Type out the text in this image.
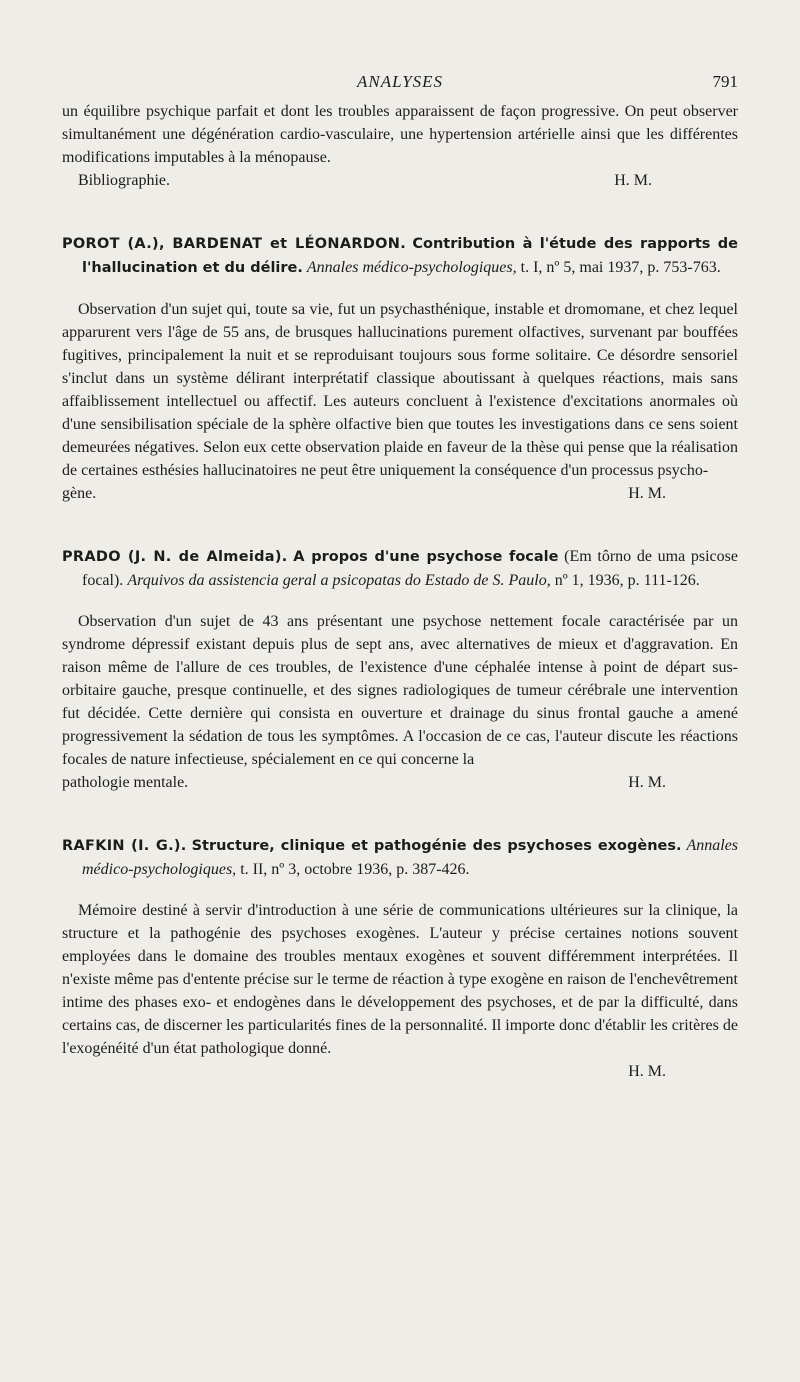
ANALYSES	791

un équilibre psychique parfait et dont les troubles apparaissent de façon progressive. On peut observer simultanément une dégénération cardio-vasculaire, une hypertension artérielle ainsi que les différentes modifications imputables à la ménopause.

Bibliographie.	H. M.
POROT (A.), BARDENAT et LÉONARDON. Contribution à l'étude des rapports de l'hallucination et du délire. Annales médico-psychologiques, t. I, nº 5, mai 1937, p. 753-763.

Observation d'un sujet qui, toute sa vie, fut un psychasthénique, instable et dromomane, et chez lequel apparurent vers l'âge de 55 ans, de brusques hallucinations purement olfactives, survenant par bouffées fugitives, principalement la nuit et se reproduisant toujours sous forme solitaire. Ce désordre sensoriel s'inclut dans un système délirant interprétatif classique aboutissant à quelques réactions, mais sans affaiblissement intellectuel ou affectif. Les auteurs concluent à l'existence d'excitations anormales où d'une sensibilisation spéciale de la sphère olfactive bien que toutes les investigations dans ce sens soient demeurées négatives. Selon eux cette observation plaide en faveur de la thèse qui pense que la réalisation de certaines esthésies hallucinatoires ne peut être uniquement la conséquence d'un processus psycho-

gène.	H. M.

PRADO (J. N. de Almeida). A propos d'une psychose focale (Em tôrno de uma psicose focal). Arquivos da assistencia geral a psicopatas do Estado de S. Paulo, nº 1, 1936, p. 111-126.

Observation d'un sujet de 43 ans présentant une psychose nettement focale caractérisée par un syndrome dépressif existant depuis plus de sept ans, avec alternatives de mieux et d'aggravation. En raison même de l'allure de ces troubles, de l'existence d'une céphalée intense à point de départ sus-orbitaire gauche, presque continuelle, et des signes radiologiques de tumeur cérébrale une intervention fut décidée. Cette dernière qui consista en ouverture et drainage du sinus frontal gauche a amené progressivement la sédation de tous les symptômes. A l'occasion de ce cas, l'auteur discute les réactions focales de nature infectieuse, spécialement en ce qui concerne la

pathologie mentale.	H. M.

RAFKIN (I. G.). Structure, clinique et pathogénie des psychoses exogènes. Annales médico-psychologiques, t. II, nº 3, octobre 1936, p. 387-426.

Mémoire destiné à servir d'introduction à une série de communications ultérieures sur la clinique, la structure et la pathogénie des psychoses exogènes. L'auteur y précise certaines notions souvent employées dans le domaine des troubles mentaux exogènes et souvent différemment interprétées. Il n'existe même pas d'entente précise sur le terme de réaction à type exogène en raison de l'enchevêtrement intime des phases exo- et endogènes dans le développement des psychoses, et de par la difficulté, dans certains cas, de discerner les particularités fines de la personnalité. Il importe donc d'établir les critères de l'exogénéité d'un état pathologique donné.

H. M.
